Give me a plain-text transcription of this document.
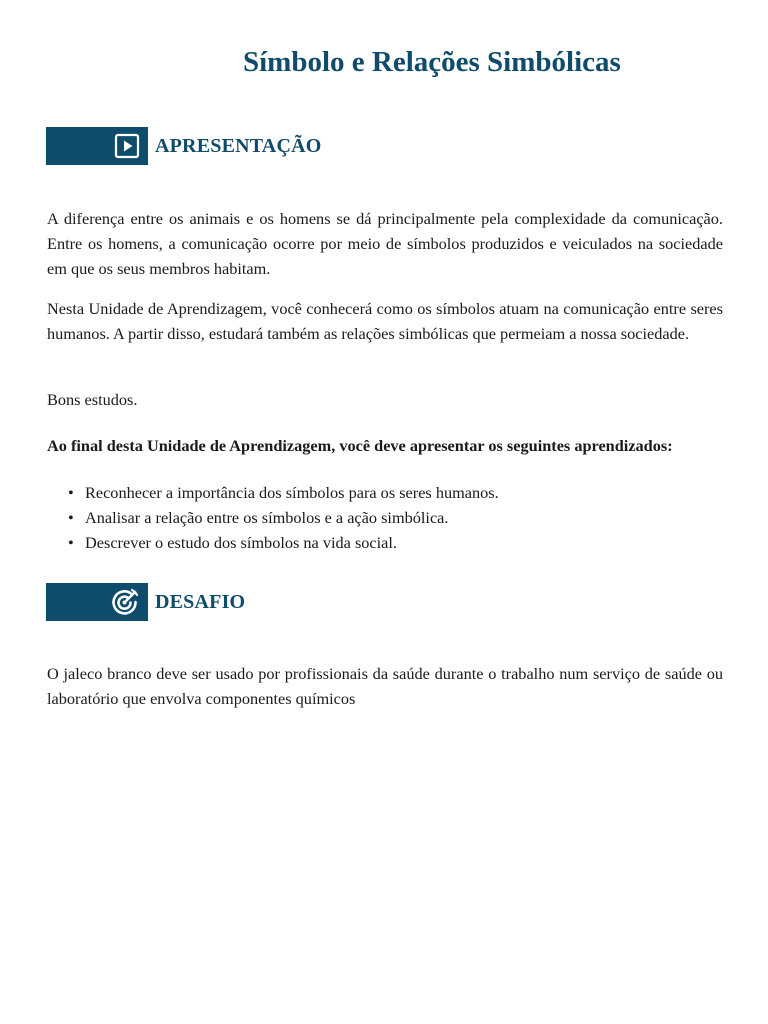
Símbolo e Relações Simbólicas
APRESENTAÇÃO

A diferença entre os animais e os homens se dá principalmente pela complexidade da comunicação. Entre os homens, a comunicação ocorre por meio de símbolos produzidos e veiculados na sociedade em que os seus membros habitam.

Nesta Unidade de Aprendizagem, você conhecerá como os símbolos atuam na comunicação entre seres humanos. A partir disso, estudará também as relações simbólicas que permeiam a nossa sociedade.

Bons estudos.

Ao final desta Unidade de Aprendizagem, você deve apresentar os seguintes aprendizados:

• Reconhecer a importância dos símbolos para os seres humanos.
• Analisar a relação entre os símbolos e a ação simbólica.
• Descrever o estudo dos símbolos na vida social.
DESAFIO

O jaleco branco deve ser usado por profissionais da saúde durante o trabalho num serviço de saúde ou laboratório que envolva componentes químicos
